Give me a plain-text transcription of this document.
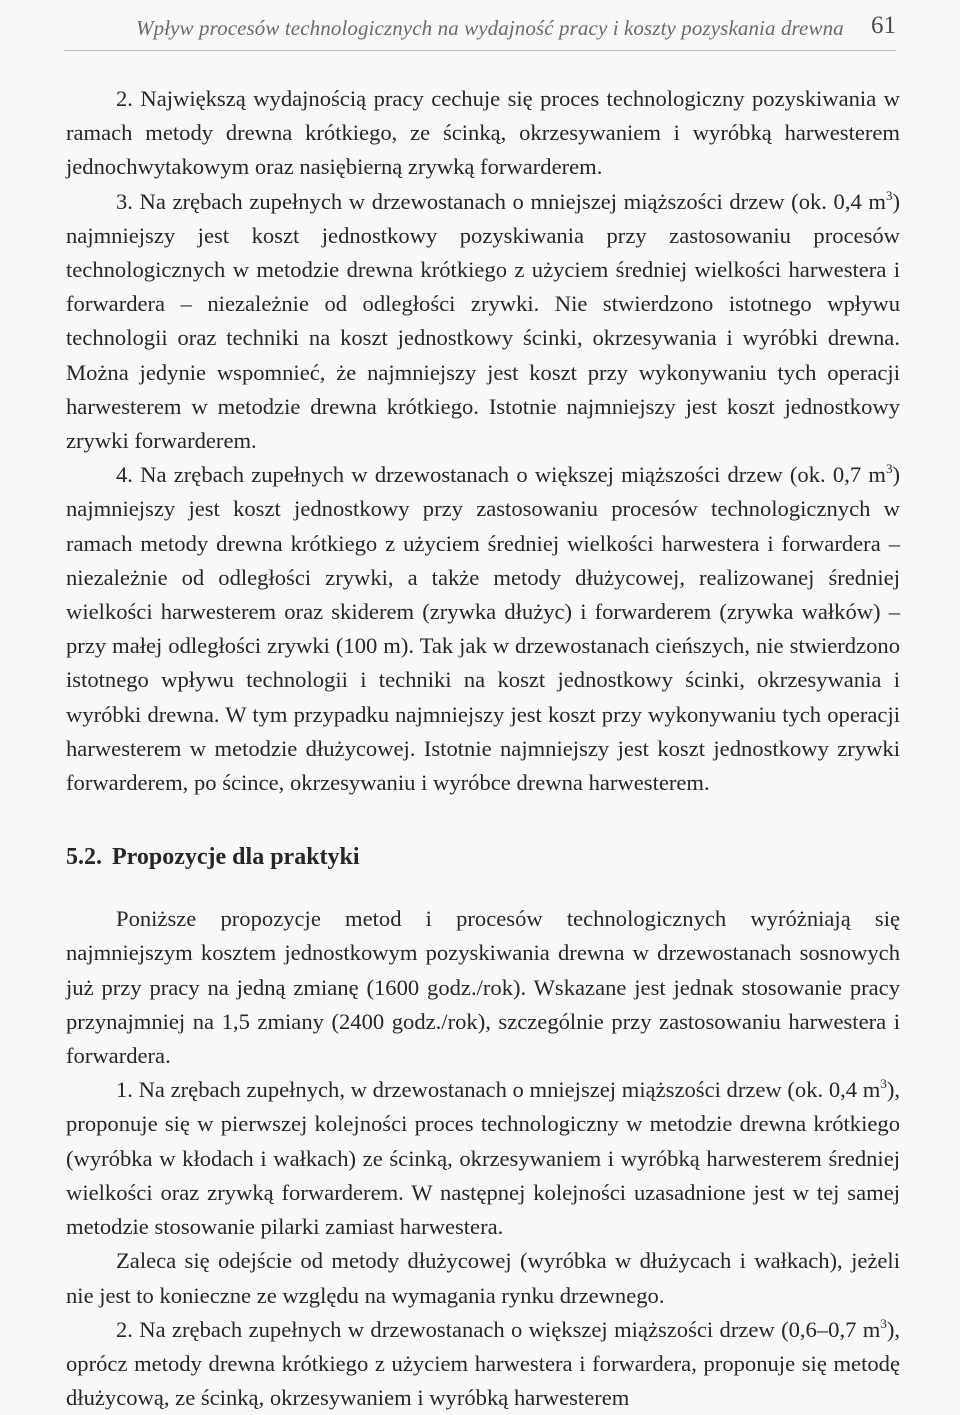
Wpływ procesów technologicznych na wydajność pracy i koszty pozyskania drewna 61

2. Największą wydajnością pracy cechuje się proces technologiczny pozyskiwania w ramach metody drewna krótkiego, ze ścinką, okrzesywaniem i wyróbką harwesterem jednochwytakowym oraz nasiębierną zrywką forwarderem.

3. Na zrębach zupełnych w drzewostanach o mniejszej miąższości drzew (ok. 0,4 $m^3$) najmniejszy jest koszt jednostkowy pozyskiwania przy zastosowaniu procesów technologicznych w metodzie drewna krótkiego z użyciem średniej wielkości harwestera i forwardera – niezależnie od odległości zrywki. Nie stwierdzono istotnego wpływu technologii oraz techniki na koszt jednostkowy ścinki, okrzesywania i wyróbki drewna. Można jedynie wspomnieć, że najmniejszy jest koszt przy wykonywaniu tych operacji harwesterem w metodzie drewna krótkiego. Istotnie najmniejszy jest koszt jednostkowy zrywki forwarderem.

4. Na zrębach zupełnych w drzewostanach o większej miąższości drzew (ok. 0,7 $m^3$) najmniejszy jest koszt jednostkowy przy zastosowaniu procesów technologicznych w ramach metody drewna krótkiego z użyciem średniej wielkości harwestera i forwardera – niezależnie od odległości zrywki, a także metody dłużycowej, realizowanej średniej wielkości harwesterem oraz skiderem (zrywka dłużyc) i forwarderem (zrywka wałków) – przy małej odległości zrywki (100 m). Tak jak w drzewostanach cieńszych, nie stwierdzono istotnego wpływu technologii i techniki na koszt jednostkowy ścinki, okrzesywania i wyróbki drewna. W tym przypadku najmniejszy jest koszt przy wykonywaniu tych operacji harwesterem w metodzie dłużycowej. Istotnie najmniejszy jest koszt jednostkowy zrywki forwarderem, po ścince, okrzesywaniu i wyróbce drewna harwesterem.

5.2. Propozycje dla praktyki

Poniższe propozycje metod i procesów technologicznych wyróżniają się najmniejszym kosztem jednostkowym pozyskiwania drewna w drzewostanach sosnowych już przy pracy na jedną zmianę (1600 godz./rok). Wskazane jest jednak stosowanie pracy przynajmniej na 1,5 zmiany (2400 godz./rok), szczególnie przy zastosowaniu harwestera i forwardera.

1. Na zrębach zupełnych, w drzewostanach o mniejszej miąższości drzew (ok. 0,4 $m^3$), proponuje się w pierwszej kolejności proces technologiczny w metodzie drewna krótkiego (wyróbka w kłodach i wałkach) ze ścinką, okrzesywaniem i wyróbką harwesterem średniej wielkości oraz zrywką forwarderem. W następnej kolejności uzasadnione jest w tej samej metodzie stosowanie pilarki zamiast harwestera.

Zaleca się odejście od metody dłużycowej (wyróbka w dłużycach i wałkach), jeżeli nie jest to konieczne ze względu na wymagania rynku drzewnego.

2. Na zrębach zupełnych w drzewostanach o większej miąższości drzew (0,6–0,7 $m^3$), oprócz metody drewna krótkiego z użyciem harwestera i forwardera, proponuje się metodę dłużycową, ze ścinką, okrzesywaniem i wyróbką harwesterem
